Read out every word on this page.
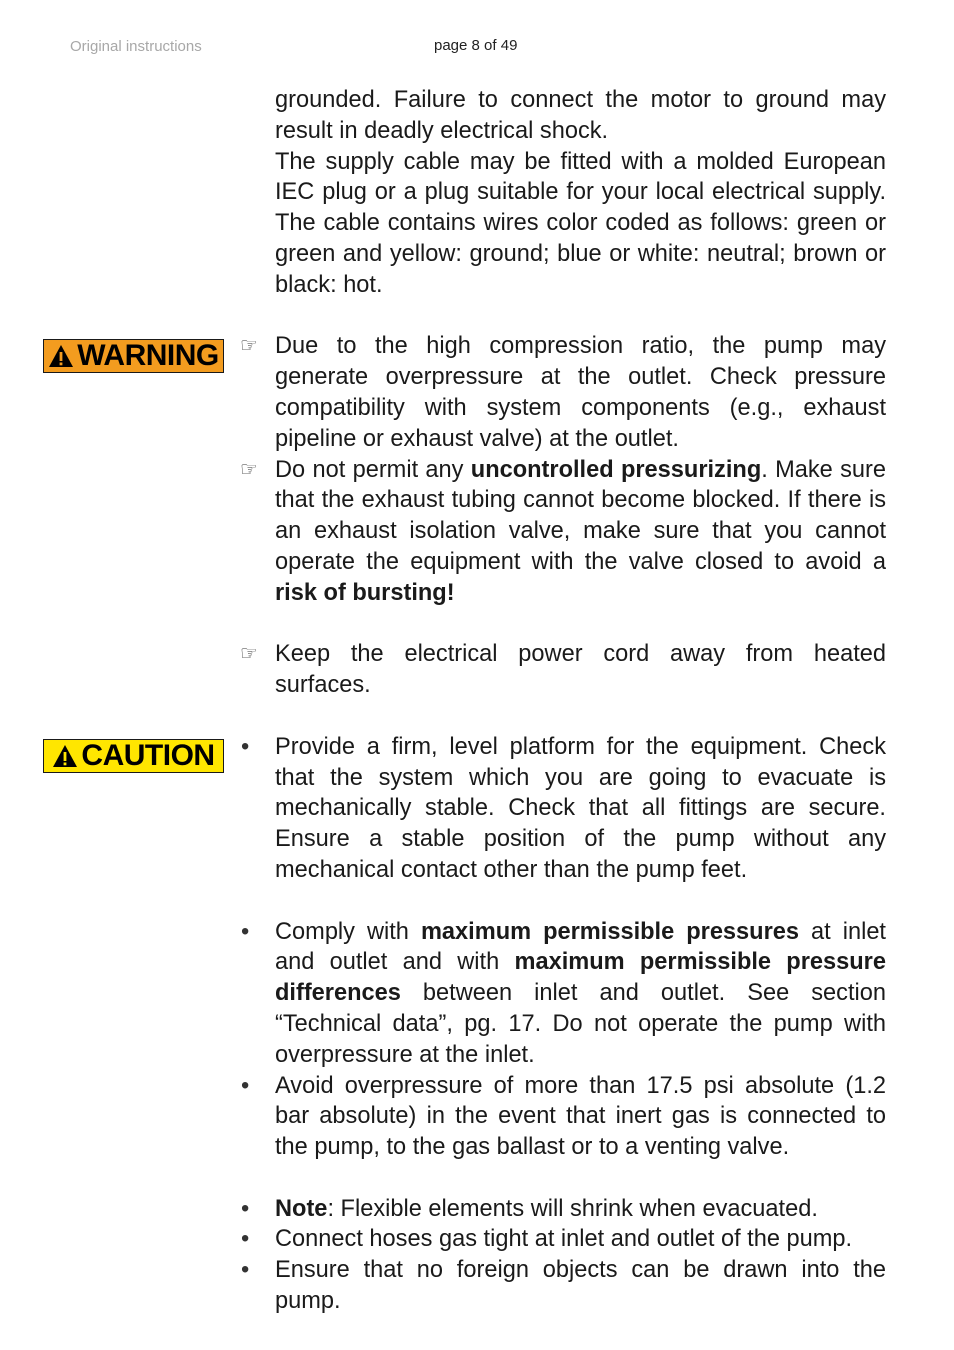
Original instructions	page 8 of 49
WARNING
CAUTION

grounded. Failure to connect the motor to ground may result in deadly electrical shock.

The supply cable may be fitted with a molded European IEC plug or a plug suitable for your local electrical supply. The cable contains wires color coded as follows: green or green and yellow: ground; blue or white: neutral; brown or black: hot.

☞ Due to the high compression ratio, the pump may generate overpressure at the outlet. Check pressure compatibility with system components (e.g., exhaust pipeline or exhaust valve) at the outlet.
☞ Do not permit any uncontrolled pressurizing. Make sure that the exhaust tubing cannot become blocked. If there is an exhaust isolation valve, make sure that you cannot operate the equipment with the valve closed to avoid a risk of bursting!
☞ Keep the electrical power cord away from heated surfaces.
•	Provide a firm, level platform for the equipment. Check that the system which you are going to evacuate is mechanically stable. Check that all fittings are secure. Ensure a stable position of the pump without any mechanical contact other than the pump feet.
•	Comply with maximum permissible pressures at inlet and outlet and with maximum permissible pressure differences between inlet and outlet. See section “Technical data”, pg. 17. Do not operate the pump with overpressure at the inlet.
•	Avoid overpressure of more than 17.5 psi absolute (1.2 bar absolute) in the event that inert gas is connected to the pump, to the gas ballast or to a venting valve.
•	Note: Flexible elements will shrink when evacuated.
•	Connect hoses gas tight at inlet and outlet of the pump.
•	Ensure that no foreign objects can be drawn into the pump.
